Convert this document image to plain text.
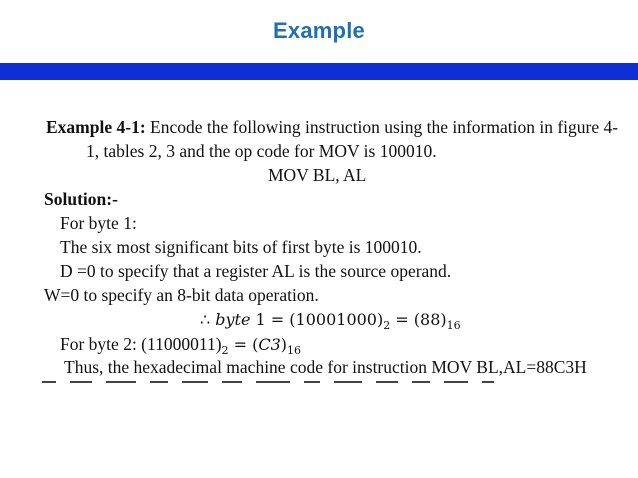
Example
Example 4-1: Encode the following instruction using the information in figure 4-
1, tables 2, 3 and the op code for MOV is 100010.
MOV BL, AL
Solution:-
For byte 1:
The six most significant bits of first byte is 100010.
D =0 to specify that a register AL is the source operand.
W=0 to specify an 8-bit data operation.
∴ byte $1 = (10001000)_2 = (88)_{16}$
For byte 2: $(11000011)_2 = (C3)_{16}$
Thus, the hexadecimal machine code for instruction MOV BL,AL=88C3H
